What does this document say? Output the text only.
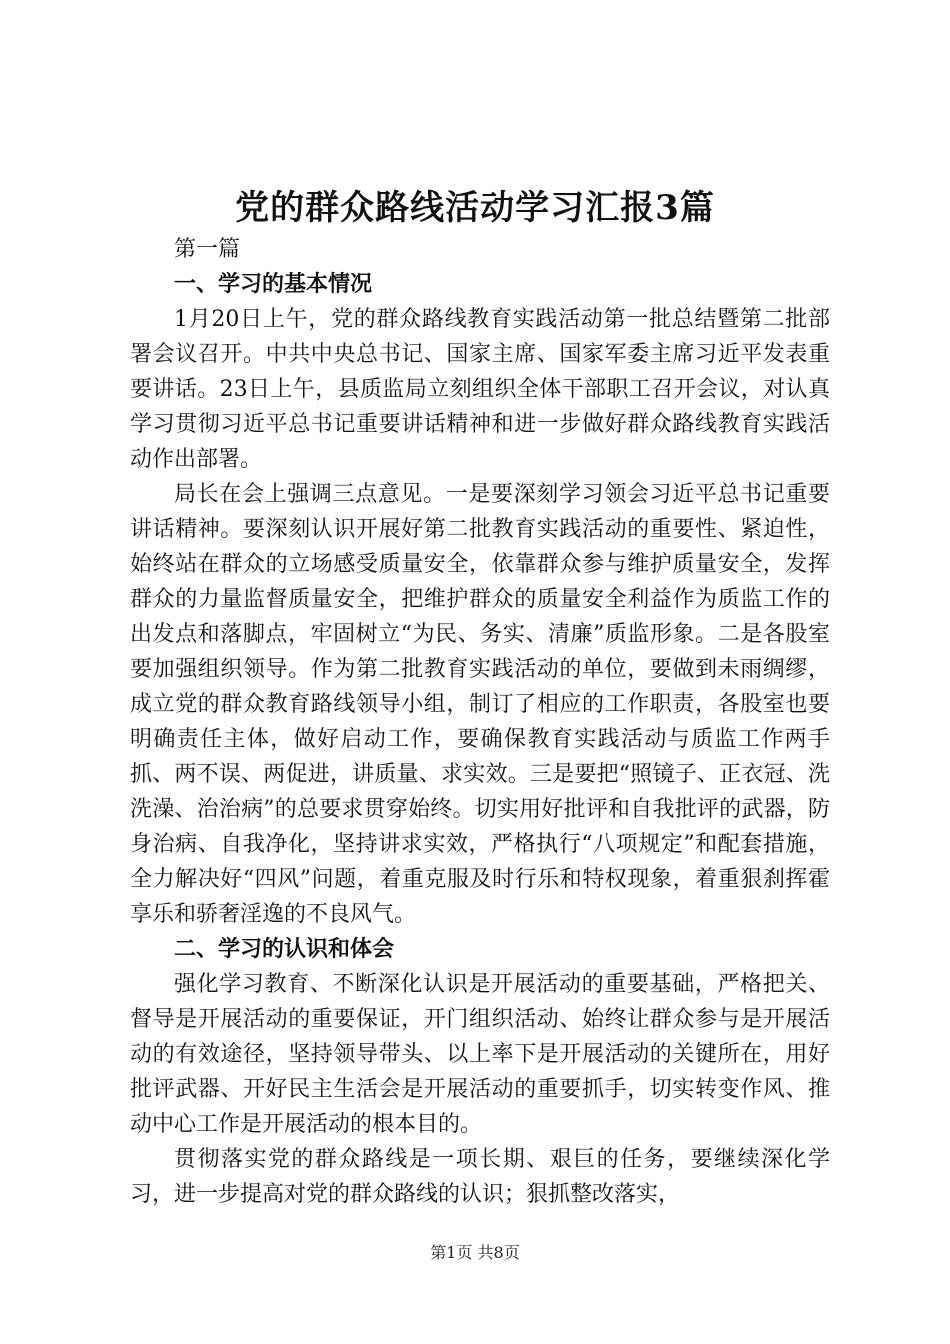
党的群众路线活动学习汇报3篇

第一篇

一、学习的基本情况

1月20日上午，党的群众路线教育实践活动第一批总结暨第二批部署会议召开。中共中央总书记、国家主席、国家军委主席习近平发表重要讲话。23日上午，县质监局立刻组织全体干部职工召开会议，对认真学习贯彻习近平总书记重要讲话精神和进一步做好群众路线教育实践活动作出部署。

局长在会上强调三点意见。一是要深刻学习领会习近平总书记重要讲话精神。要深刻认识开展好第二批教育实践活动的重要性、紧迫性，始终站在群众的立场感受质量安全，依靠群众参与维护质量安全，发挥群众的力量监督质量安全，把维护群众的质量安全利益作为质监工作的出发点和落脚点，牢固树立“为民、务实、清廉”质监形象。二是各股室要加强组织领导。作为第二批教育实践活动的单位，要做到未雨绸缪，成立党的群众教育路线领导小组，制订了相应的工作职责，各股室也要明确责任主体，做好启动工作，要确保教育实践活动与质监工作两手抓、两不误、两促进，讲质量、求实效。三是要把“照镜子、正衣冠、洗洗澡、治治病”的总要求贯穿始终。切实用好批评和自我批评的武器，防身治病、自我净化，坚持讲求实效，严格执行“八项规定”和配套措施，全力解决好“四风”问题，着重克服及时行乐和特权现象，着重狠刹挥霍享乐和骄奢淫逸的不良风气。

二、学习的认识和体会

强化学习教育、不断深化认识是开展活动的重要基础，严格把关、督导是开展活动的重要保证，开门组织活动、始终让群众参与是开展活动的有效途径，坚持领导带头、以上率下是开展活动的关键所在，用好批评武器、开好民主生活会是开展活动的重要抓手，切实转变作风、推动中心工作是开展活动的根本目的。

贯彻落实党的群众路线是一项长期、艰巨的任务，要继续深化学习，进一步提高对党的群众路线的认识；狠抓整改落实，

第1页 共8页
